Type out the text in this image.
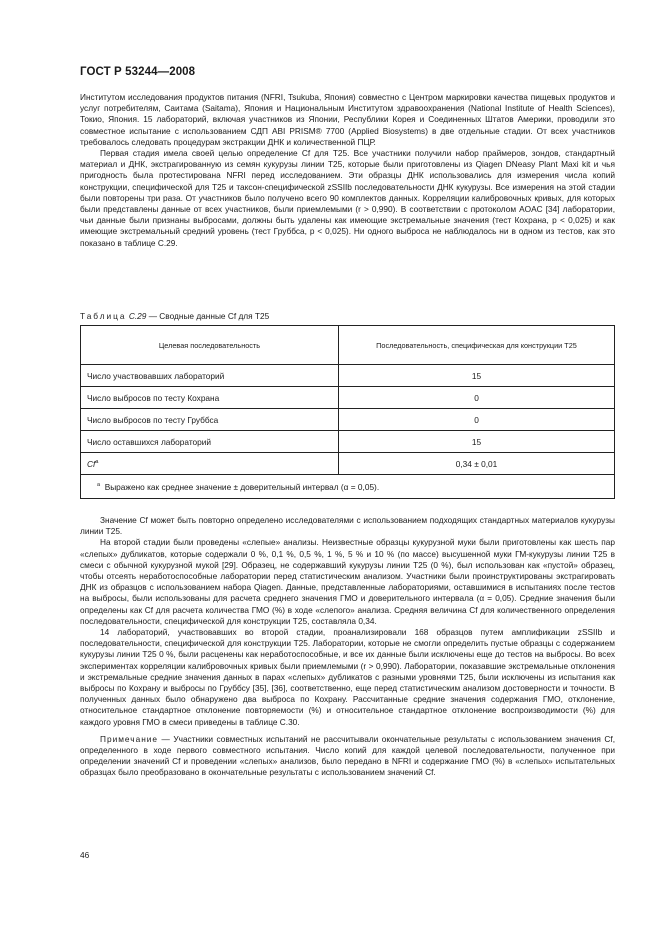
ГОСТ Р 53244—2008

Институтом исследования продуктов питания (NFRI, Tsukuba, Япония) совместно с Центром маркировки качества пищевых продуктов и услуг потребителям, Саитама (Saitama), Япония и Национальным Институтом здравоохранения (National Institute of Health Sciences), Токио, Япония. 15 лабораторий, включая участников из Японии, Республики Корея и Соединенных Штатов Америки, проводили это совместное испытание с использованием СДП ABI PRISM® 7700 (Applied Biosystems) в две отдельные стадии. От всех участников требовалось следовать процедурам экстракции ДНК и количественной ПЦР.

Первая стадия имела своей целью определение Cf для T25. Все участники получили набор праймеров, зондов, стандартный материал и ДНК, экстрагированную из семян кукурузы линии T25, которые были приготовлены из Qiagen DNeasy Plant Maxi kit и чья пригодность была протестирована NFRI перед исследованием. Эти образцы ДНК использовались для измерения числа копий конструкции, специфической для T25 и таксон-специфической zSSIIb последовательности ДНК кукурузы. Все измерения на этой стадии были повторены три раза. От участников было получено всего 90 комплектов данных. Корреляции калибровочных кривых, для которых были представлены данные от всех участников, были приемлемыми (r > 0,990). В соответствии с протоколом AOAC [34] лаборатории, чьи данные были признаны выбросами, должны быть удалены как имеющие экстремальные значения (тест Кохрана, p < 0,025) и как имеющие экстремальный средний уровень (тест Груббса, p < 0,025). Ни одного выброса не наблюдалось ни в одном из тестов, как это показано в таблице C.29.

Таблица C.29 — Сводные данные Cf для T25
Целевая последовательность	Последовательность, специфическая для конструкции T25
Число участвовавших лабораторий	15
Число выбросов по тесту Кохрана	0
Число выбросов по тесту Груббса	0
Число оставшихся лабораторий	15
Cf$^a$	0,34 ± 0,01
$^а$ Выражено как среднее значение ± доверительный интервал (α = 0,05).	

Значение Cf может быть повторно определено исследователями с использованием подходящих стандартных материалов кукурузы линии T25.

На второй стадии были проведены «слепые» анализы. Неизвестные образцы кукурузной муки были приготовлены как шесть пар «слепых» дубликатов, которые содержали 0 %, 0,1 %, 0,5 %, 1 %, 5 % и 10 % (по массе) высушенной муки ГМ-кукурузы линии T25 в смеси с обычной кукурузной мукой [29]. Образец, не содержавший кукурузы линии T25 (0 %), был использован как «пустой» образец, чтобы отсеять неработоспособные лаборатории перед статистическим анализом. Участники были проинструктированы экстрагировать ДНК из образцов с использованием набора Qiagen. Данные, представленные лабораториями, оставшимися в испытаниях после тестов на выбросы, были использованы для расчета среднего значения ГМО и доверительного интервала (α = 0,05). Средние значения были определены как Cf для расчета количества ГМО (%) в ходе «слепого» анализа. Средняя величина Cf для количественного определения последовательности, специфической для конструкции T25, составляла 0,34.

14 лабораторий, участвовавших во второй стадии, проанализировали 168 образцов путем амплификации zSSIIb и последовательности, специфической для конструкции T25. Лаборатории, которые не смогли определить пустые образцы с содержанием кукурузы линии T25 0 %, были расценены как неработоспособные, и все их данные были исключены еще до тестов на выбросы. Во всех экспериментах корреляции калибровочных кривых были приемлемыми (r > 0,990). Лаборатории, показавшие экстремальные отклонения и экстремальные средние значения данных в парах «слепых» дубликатов с разными уровнями T25, были исключены из испытания как выбросы по Кохрану и выбросы по Груббсу [35], [36], соответственно, еще перед статистическим анализом достоверности и точности. В полученных данных было обнаружено два выброса по Кохрану. Рассчитанные средние значения содержания ГМО, отклонение, относительное стандартное отклонение повторяемости (%) и относительное стандартное отклонение воспроизводимости (%) для каждого уровня ГМО в смеси приведены в таблице C.30.

Примечание — Участники совместных испытаний не рассчитывали окончательные результаты с использованием значения Cf, определенного в ходе первого совместного испытания. Число копий для каждой целевой последовательности, полученное при определении значений Cf и проведении «слепых» анализов, было передано в NFRI и содержание ГМО (%) в «слепых» испытательных образцах было преобразовано в окончательные результаты с использованием значений Cf.

46
